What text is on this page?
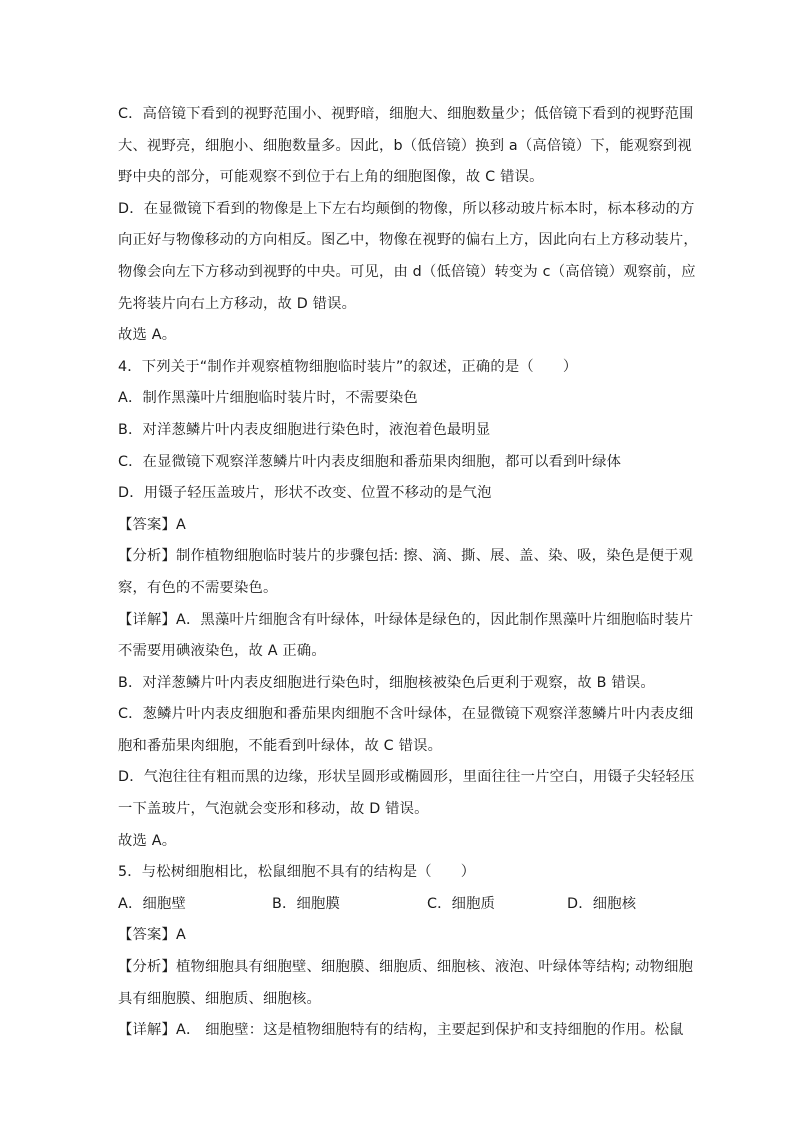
C．高倍镜下看到的视野范围小、视野暗，细胞大、细胞数量少；低倍镜下看到的视野范围
大、视野亮，细胞小、细胞数量多。因此，b（低倍镜）换到 a（高倍镜）下，能观察到视
野中央的部分，可能观察不到位于右上角的细胞图像，故 C 错误。
D．在显微镜下看到的物像是上下左右均颠倒的物像，所以移动玻片标本时，标本移动的方
向正好与物像移动的方向相反。图乙中，物像在视野的偏右上方，因此向右上方移动装片，
物像会向左下方移动到视野的中央。可见，由 d（低倍镜）转变为 c（高倍镜）观察前，应
先将装片向右上方移动，故 D 错误。
故选 A。
4．下列关于“制作并观察植物细胞临时装片”的叙述，正确的是（　　）
A．制作黑藻叶片细胞临时装片时，不需要染色
B．对洋葱鳞片叶内表皮细胞进行染色时，液泡着色最明显
C．在显微镜下观察洋葱鳞片叶内表皮细胞和番茄果肉细胞，都可以看到叶绿体
D．用镊子轻压盖玻片，形状不改变、位置不移动的是气泡
【答案】A
【分析】制作植物细胞临时装片的步骤包括: 擦、滴、撕、展、盖、染、吸，染色是便于观
察，有色的不需要染色。
【详解】A．黑藻叶片细胞含有叶绿体，叶绿体是绿色的，因此制作黑藻叶片细胞临时装片
不需要用碘液染色，故 A 正确。
B．对洋葱鳞片叶内表皮细胞进行染色时，细胞核被染色后更利于观察，故 B 错误。
C．葱鳞片叶内表皮细胞和番茄果肉细胞不含叶绿体，在显微镜下观察洋葱鳞片叶内表皮细
胞和番茄果肉细胞，不能看到叶绿体，故 C 错误。
D．气泡往往有粗而黑的边缘，形状呈圆形或椭圆形，里面往往一片空白，用镊子尖轻轻压
一下盖玻片，气泡就会变形和移动，故 D 错误。
故选 A。
5．与松树细胞相比，松鼠细胞不具有的结构是（　　）
A．细胞壁	B．细胞膜	C．细胞质	D．细胞核
【答案】A
【分析】植物细胞具有细胞壁、细胞膜、细胞质、细胞核、液泡、叶绿体等结构; 动物细胞
具有细胞膜、细胞质、细胞核。
【详解】A． 细胞壁：这是植物细胞特有的结构，主要起到保护和支持细胞的作用。松鼠
